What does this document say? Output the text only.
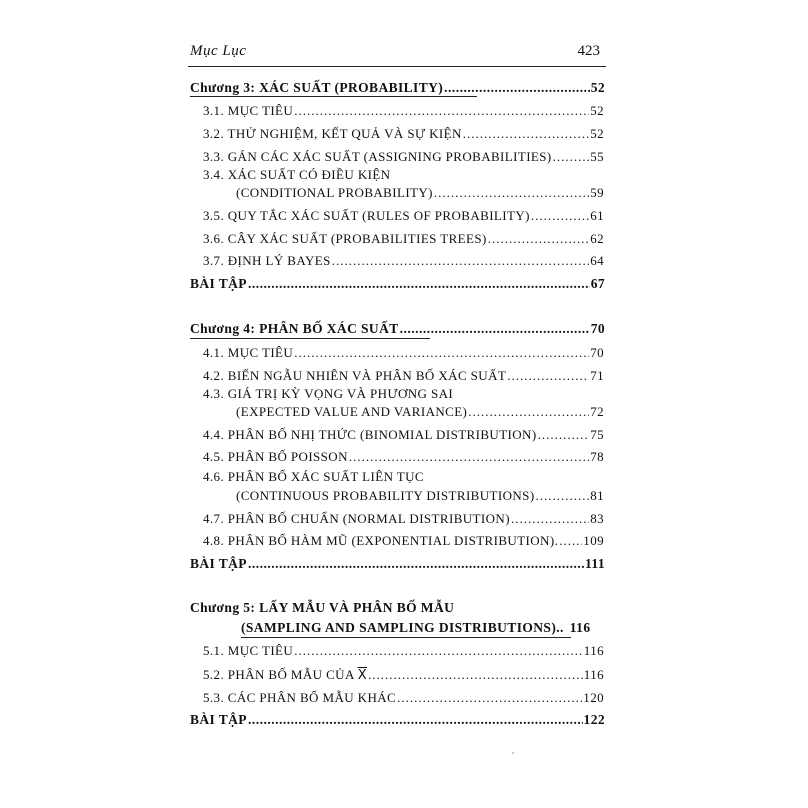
Mục Lục	423
Chương 3: XÁC SUẤT (PROBABILITY) .....	52
3.1. MỤC TIÊU .....	52
3.2. THỬ NGHIỆM, KẾT QUẢ VÀ SỰ KIỆN .....	52
3.3. GÁN CÁC XÁC SUẤT (ASSIGNING PROBABILITIES) .....	55
3.4. XÁC SUẤT CÓ ĐIỀU KIỆN
(CONDITIONAL PROBABILITY) .....	59
3.5. QUY TẮC XÁC SUẤT (RULES OF PROBABILITY) .....	61
3.6. CÂY XÁC SUẤT (PROBABILITIES TREES) .....	62
3.7. ĐỊNH LÝ BAYES .....	64
BÀI TẬP .....	67
Chương 4: PHÂN BỐ XÁC SUẤT .....	70
4.1. MỤC TIÊU .....	70
4.2. BIẾN NGẪU NHIÊN VÀ PHÂN BỐ XÁC SUẤT .....	71
4.3. GIÁ TRỊ KỲ VỌNG VÀ PHƯƠNG SAI
(EXPECTED VALUE AND VARIANCE) .....	72
4.4. PHÂN BỐ NHỊ THỨC (BINOMIAL DISTRIBUTION) .....	75
4.5. PHÂN BỐ POISSON .....	78
4.6. PHÂN BỐ XÁC SUẤT LIÊN TỤC
(CONTINUOUS PROBABILITY DISTRIBUTIONS) .....	81
4.7. PHÂN BỐ CHUẨN (NORMAL DISTRIBUTION) .....	83
4.8. PHÂN BỐ HÀM MŨ (EXPONENTIAL DISTRIBUTION). ..... 109
BÀI TẬP .....	111
Chương 5: LẤY MẪU VÀ PHÂN BỐ MẪU
(SAMPLING AND SAMPLING DISTRIBUTIONS).. 116
5.1. MỤC TIÊU .....	116
5.2. PHÂN BỐ MẪU CỦA $\overline{X}$ .....	116
5.3. CÁC PHÂN BỐ MẪU KHÁC .....	120
BÀI TẬP .....	122
